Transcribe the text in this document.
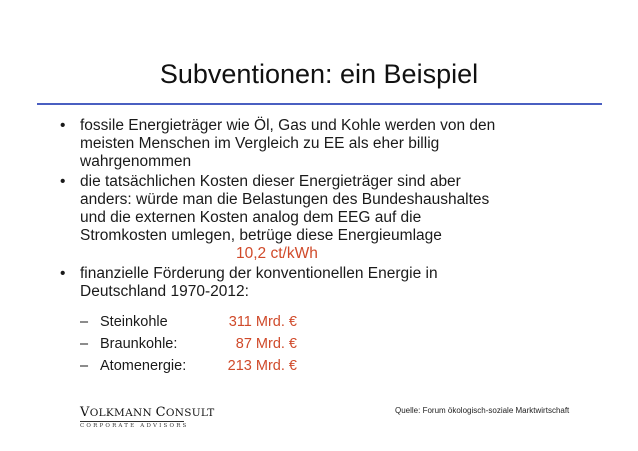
Subventionen: ein Beispiel
• fossile Energieträger wie Öl, Gas und Kohle werden von den
meisten Menschen im Vergleich zu EE als eher billig
wahrgenommen
• die tatsächlichen Kosten dieser Energieträger sind aber
anders: würde man die Belastungen des Bundeshaushaltes
und die externen Kosten analog dem EEG auf die
Stromkosten umlegen, betrüge diese Energieumlage
10,2 ct/kWh
• finanzielle Förderung der konventionellen Energie in
Deutschland 1970-2012:
– Steinkohle	311 Mrd. €
– Braunkohle:	87 Mrd. €
– Atomenergie:	213 Mrd. €
VOLKMANN CONSULT
CORPORATE ADVISORS
Quelle: Forum ökologisch-soziale Marktwirtschaft
